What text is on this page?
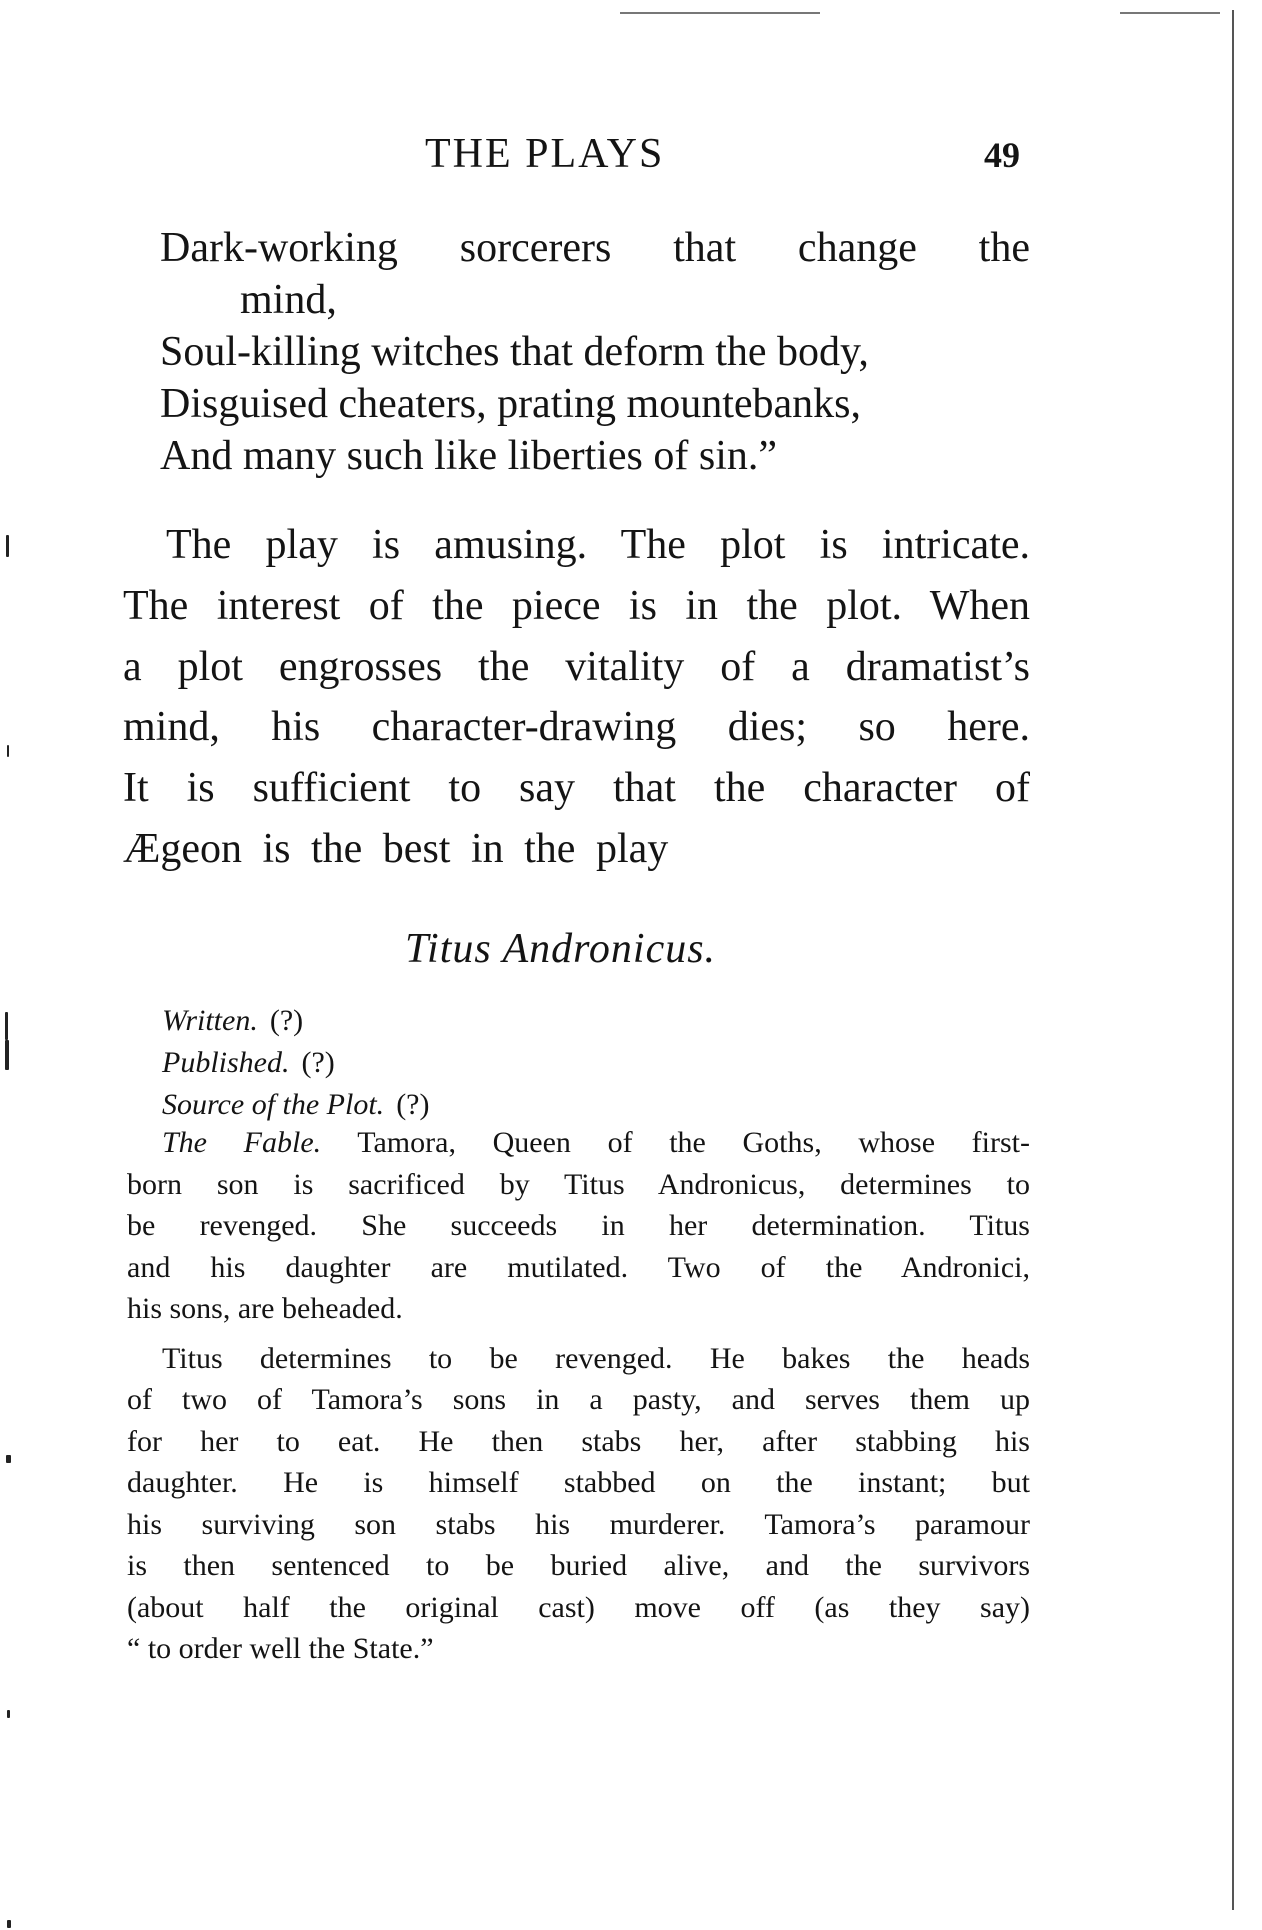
THE PLAYS	49

Dark-working sorcerers that change the

mind,

Soul-killing witches that deform the body,

Disguised cheaters, prating mountebanks,

And many such like liberties of sin.”

The play is amusing. The plot is intricate.

The interest of the piece is in the plot. When

a plot engrosses the vitality of a dramatist’s

mind, his character-drawing dies; so here.

It is sufficient to say that the character of

Ægeon is the best in the play

Titus Andronicus.

Written. (?)

Published. (?)

Source of the Plot. (?)

The Fable. Tamora, Queen of the Goths, whose first-

born son is sacrificed by Titus Andronicus, determines to

be revenged. She succeeds in her determination. Titus

and his daughter are mutilated. Two of the Andronici,

his sons, are beheaded.

Titus determines to be revenged. He bakes the heads

of two of Tamora’s sons in a pasty, and serves them up

for her to eat. He then stabs her, after stabbing his

daughter. He is himself stabbed on the instant; but

his surviving son stabs his murderer. Tamora’s paramour

is then sentenced to be buried alive, and the survivors

(about half the original cast) move off (as they say)

“ to order well the State.”
